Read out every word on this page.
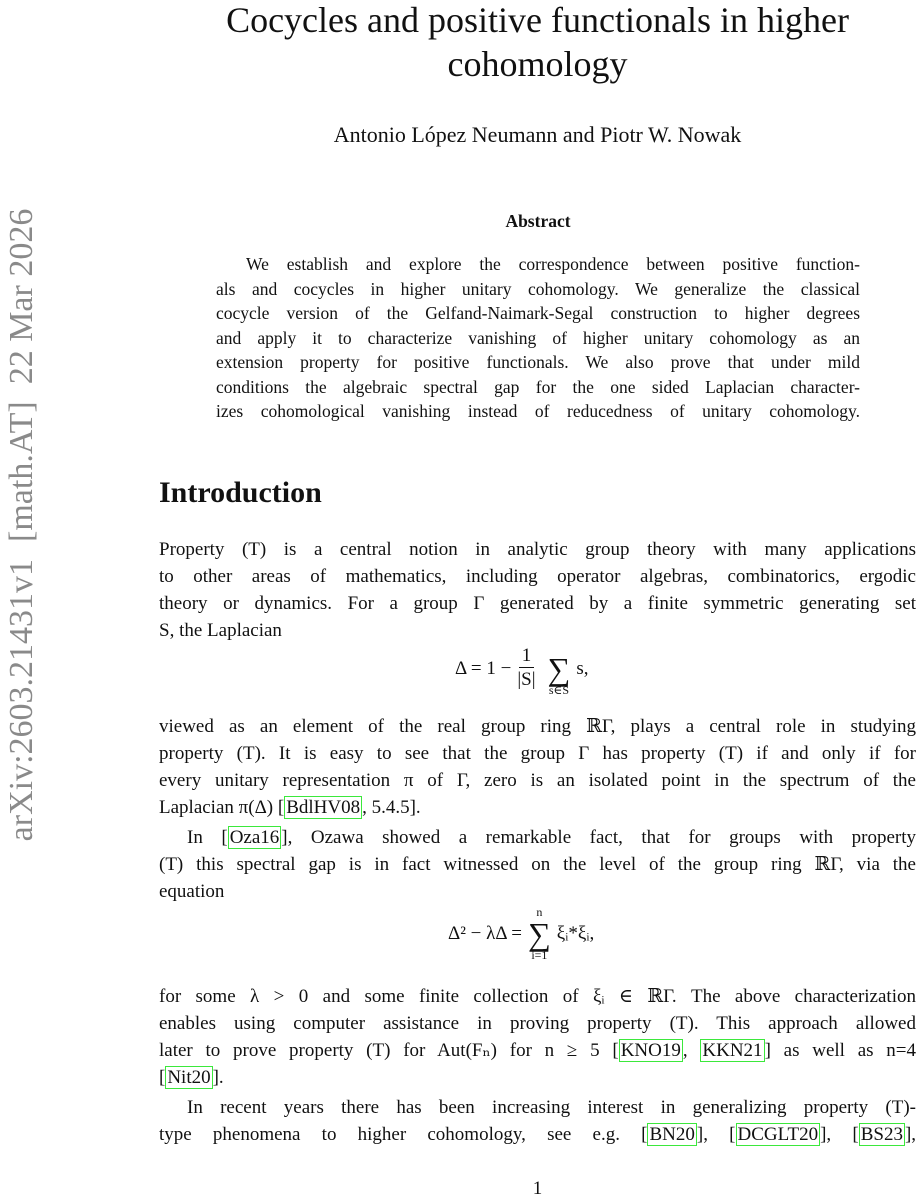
arXiv:2603.21431v1  [math.AT]  22 Mar 2026
Cocycles and positive functionals in higher
cohomology
Antonio López Neumann and Piotr W. Nowak
Abstract
We establish and explore the correspondence between positive function-
als and cocycles in higher unitary cohomology. We generalize the classical
cocycle version of the Gelfand-Naimark-Segal construction to higher degrees
and apply it to characterize vanishing of higher unitary cohomology as an
extension property for positive functionals. We also prove that under mild
conditions the algebraic spectral gap for the one sided Laplacian character-
izes cohomological vanishing instead of reducedness of unitary cohomology.
Introduction
Property (T) is a central notion in analytic group theory with many applications
to other areas of mathematics, including operator algebras, combinatorics, ergodic
theory or dynamics. For a group Γ generated by a finite symmetric generating set
S, the Laplacian
$\Delta = 1 - \frac{1}{|S|}$ ∑
s∈S
s,
viewed as an element of the real group ring ℝΓ, plays a central role in studying
property (T). It is easy to see that the group Γ has property (T) if and only if for
every unitary representation π of Γ, zero is an isolated point in the spectrum of the
Laplacian π(Δ) [ BdlHV08 , 5.4.5].
In [ Oza16 ], Ozawa showed a remarkable fact, that for groups with property
(T) this spectral gap is in fact witnessed on the level of the group ring ℝΓ, via the
equation
Δ² − λΔ =
n
∑
i=1
ξᵢ*ξᵢ,
for some λ > 0 and some finite collection of ξᵢ ∈ ℝΓ. The above characterization
enables using computer assistance in proving property (T). This approach allowed
later to prove property (T) for Aut(Fₙ) for n ≥ 5 [ KNO19 , KKN21 ] as well as n=4
[ Nit20 ].
In recent years there has been increasing interest in generalizing property (T)-
type phenomena to higher cohomology, see e.g. [ BN20 ], [ DCGLT20 ], [ BS23 ],
1
